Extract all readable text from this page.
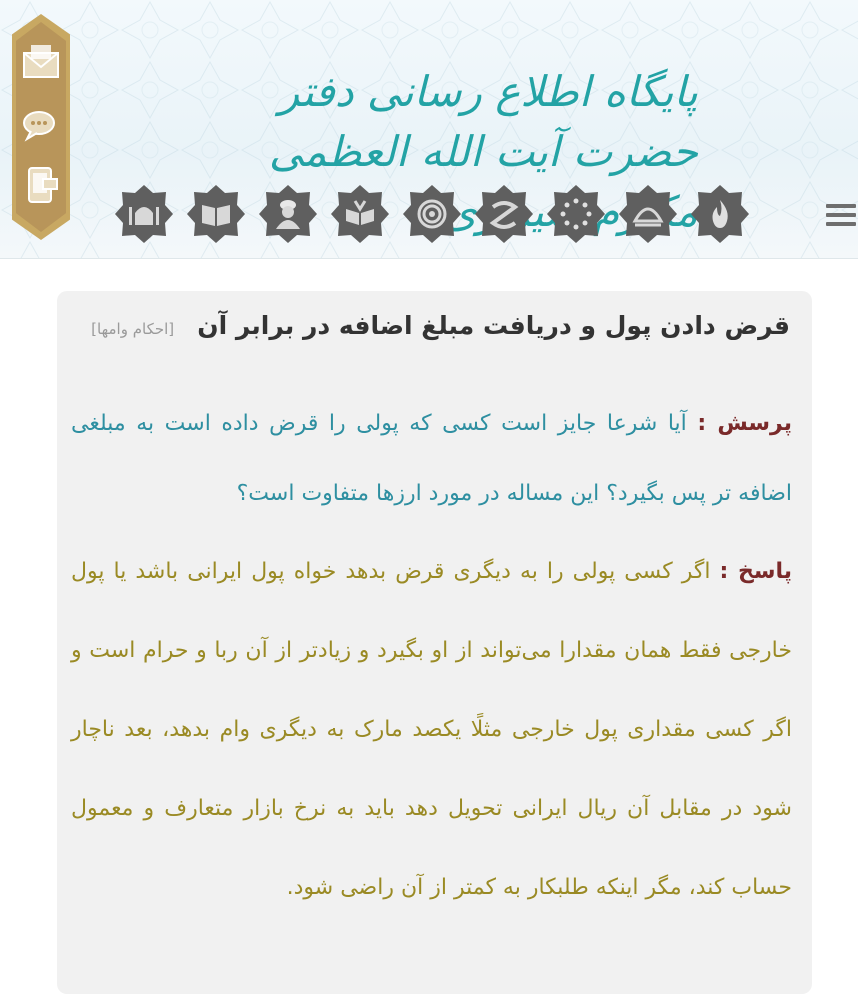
پایگاه اطلاع رسانی دفتر حضرت آیت الله العظمی
قرض دادن پول و دریافت مبلغ اضافه در برابر آن [احکام وامها]
پرسش : آیا شرعا جایز است کسی که پولی را قرض داده است به مبلغی اضافه تر پس بگیرد؟ این مساله در مورد ارزها متفاوت است؟
پاسخ : اگر کسی پولی را به دیگری قرض بدهد خواه پول ایرانی باشد یا پول خارجی فقط همان مقدارا می‌تواند از او بگیرد و زیادتر از آن ربا و حرام است و اگر کسی مقداری پول خارجی مثلًا یکصد مارک به دیگری وام بدهد، بعد ناچار شود در مقابل آن ریال ایرانی تحویل دهد باید به نرخ بازار متعارف و معمول حساب کند، مگر اینکه طلبکار به کمتر از آن راضی شود.
